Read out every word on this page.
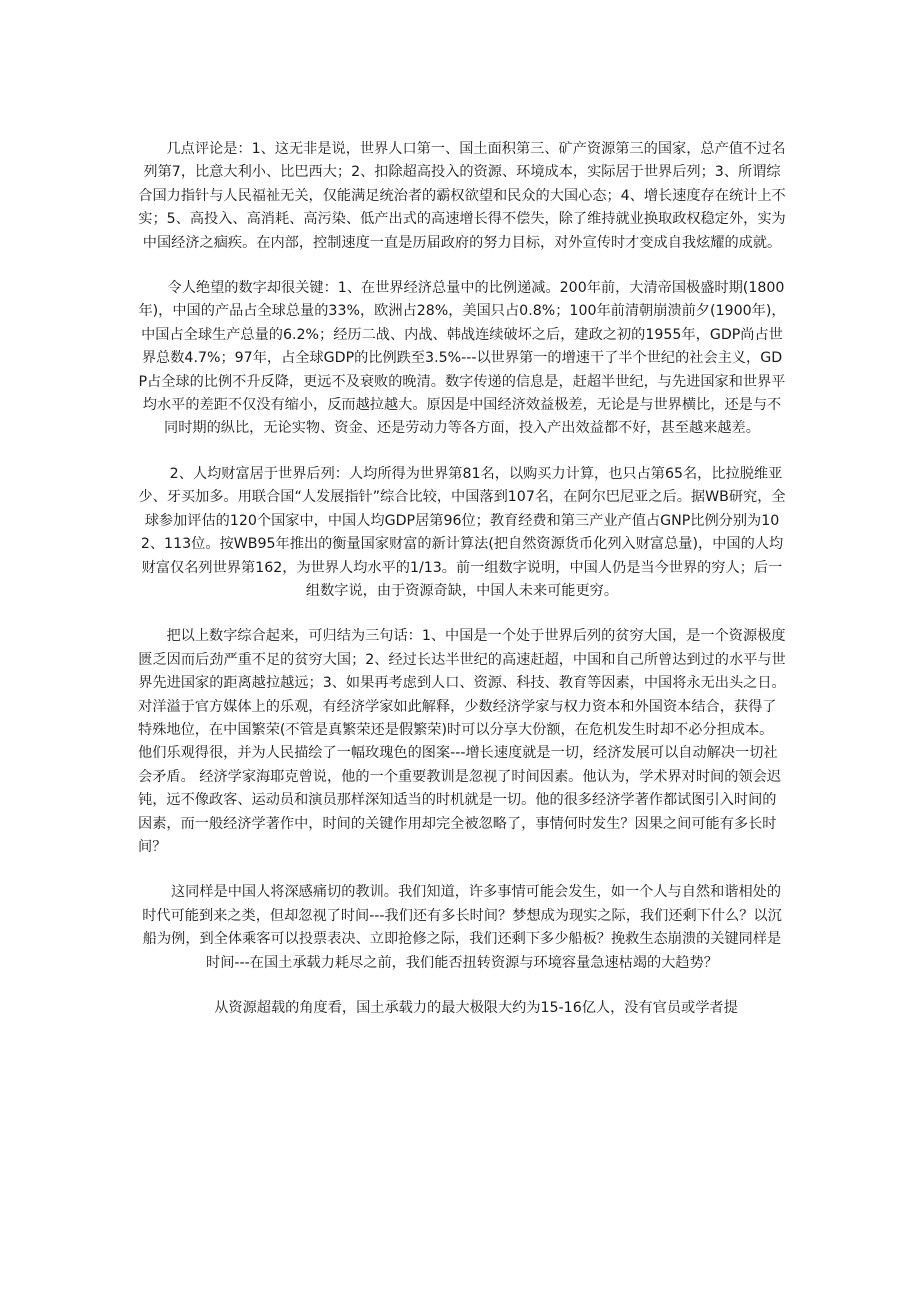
几点评论是：1、这无非是说，世界人口第一、国土面积第三、矿产资源第三的国家，总产值不过名列第7，比意大利小、比巴西大；2、扣除超高投入的资源、环境成本，实际居于世界后列；3、所谓综合国力指针与人民福祉无关，仅能满足统治者的霸权欲望和民众的大国心态；4、增长速度存在统计上不实；5、高投入、高消耗、高污染、低产出式的高速增长得不偿失，除了维持就业换取政权稳定外，实为中国经济之痼疾。在内部，控制速度一直是历届政府的努力目标，对外宣传时才变成自我炫耀的成就。

令人绝望的数字却很关键：1、在世界经济总量中的比例递减。200年前，大清帝国极盛时期(1800年)，中国的产品占全球总量的33%，欧洲占28%，美国只占0.8%；100年前清朝崩溃前夕(1900年)，中国占全球生产总量的6.2%；经历二战、内战、韩战连续破坏之后，建政之初的1955年，GDP尚占世界总数4.7%；97年，占全球GDP的比例跌至3.5%---以世界第一的增速干了半个世纪的社会主义，GDP占全球的比例不升反降，更远不及衰败的晚清。数字传递的信息是，赶超半世纪，与先进国家和世界平均水平的差距不仅没有缩小，反而越拉越大。原因是中国经济效益极差，无论是与世界横比，还是与不同时期的纵比，无论实物、资金、还是劳动力等各方面，投入产出效益都不好，甚至越来越差。

2、人均财富居于世界后列：人均所得为世界第81名，以购买力计算，也只占第65名，比拉脱维亚少、牙买加多。用联合国“人发展指针”综合比较，中国落到107名，在阿尔巴尼亚之后。据WB研究，全球参加评估的120个国家中，中国人均GDP居第96位；教育经费和第三产业产值占GNP比例分别为102、113位。按WB95年推出的衡量国家财富的新计算法(把自然资源货币化列入财富总量)，中国的人均财富仅名列世界第162，为世界人均水平的1/13。前一组数字说明，中国人仍是当今世界的穷人；后一组数字说，由于资源奇缺，中国人未来可能更穷。

把以上数字综合起来，可归结为三句话：1、中国是一个处于世界后列的贫穷大国，是一个资源极度匮乏因而后劲严重不足的贫穷大国；2、经过长达半世纪的高速赶超，中国和自己所曾达到过的水平与世界先进国家的距离越拉越远；3、如果再考虑到人口、资源、科技、教育等因素，中国将永无出头之日。

对洋溢于官方媒体上的乐观，有经济学家如此解释，少数经济学家与权力资本和外国资本结合，获得了特殊地位，在中国繁荣(不管是真繁荣还是假繁荣)时可以分享大份额，在危机发生时却不必分担成本。他们乐观得很，并为人民描绘了一幅玫瑰色的图案---增长速度就是一切，经济发展可以自动解决一切社会矛盾。 经济学家海耶克曾说，他的一个重要教训是忽视了时间因素。他认为，学术界对时间的领会迟钝，远不像政客、运动员和演员那样深知适当的时机就是一切。他的很多经济学著作都试图引入时间的因素，而一般经济学著作中，时间的关键作用却完全被忽略了，事情何时发生？因果之间可能有多长时间？

这同样是中国人将深感痛切的教训。我们知道，许多事情可能会发生，如一个人与自然和谐相处的时代可能到来之类，但却忽视了时间---我们还有多长时间？梦想成为现实之际，我们还剩下什么？以沉船为例，到全体乘客可以投票表决、立即抢修之际，我们还剩下多少船板？挽救生态崩溃的关键同样是时间---在国土承载力耗尽之前，我们能否扭转资源与环境容量急速枯竭的大趋势？

从资源超载的角度看，国土承载力的最大极限大约为15-16亿人，没有官员或学者提
